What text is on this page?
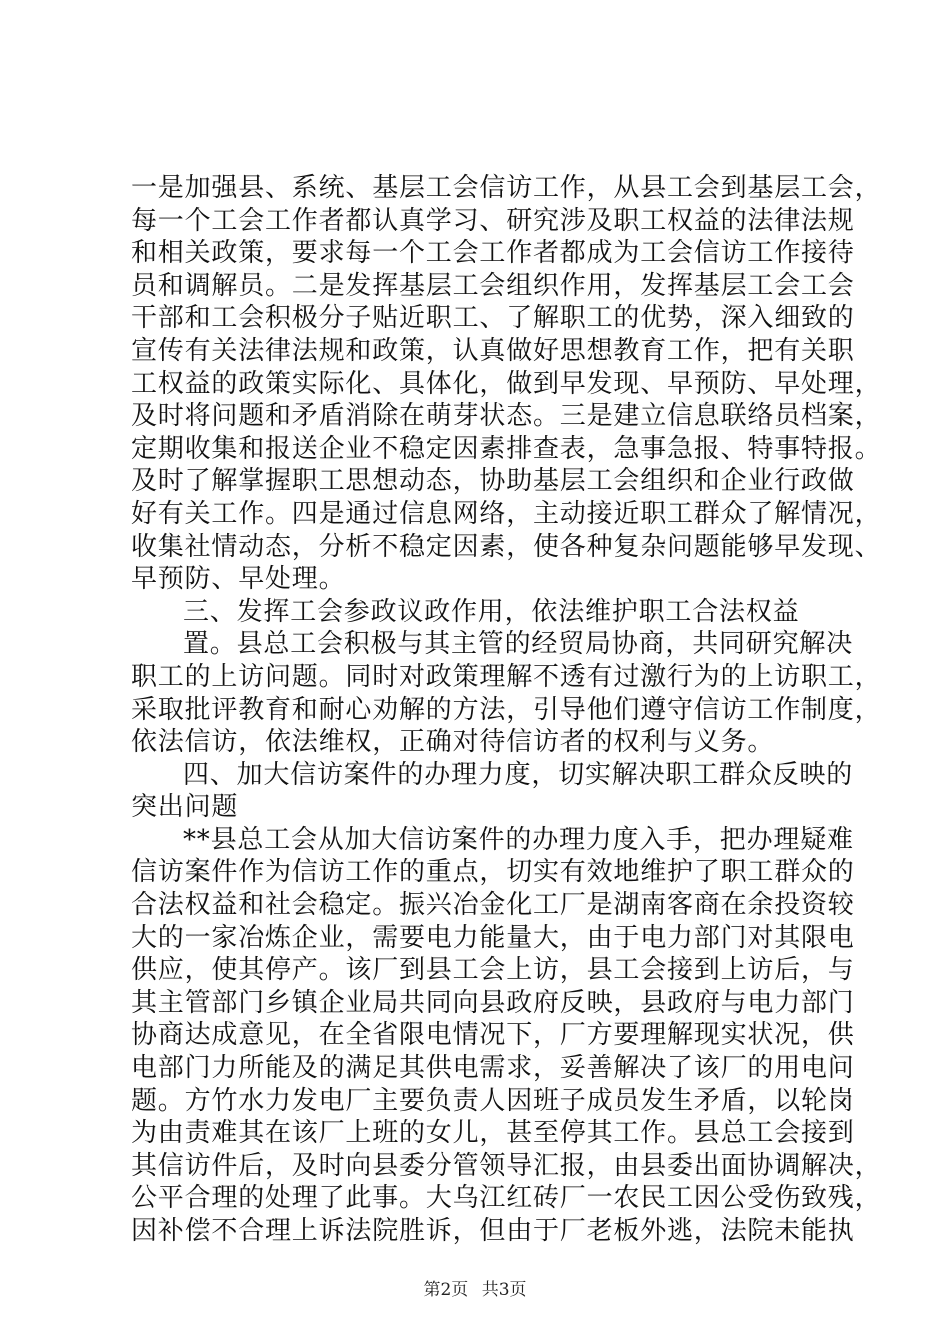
一是加强县、系统、基层工会信访工作，从县工会到基层工会，
每一个工会工作者都认真学习、研究涉及职工权益的法律法规
和相关政策，要求每一个工会工作者都成为工会信访工作接待
员和调解员。二是发挥基层工会组织作用，发挥基层工会工会
干部和工会积极分子贴近职工、了解职工的优势，深入细致的
宣传有关法律法规和政策，认真做好思想教育工作，把有关职
工权益的政策实际化、具体化，做到早发现、早预防、早处理，
及时将问题和矛盾消除在萌芽状态。三是建立信息联络员档案，
定期收集和报送企业不稳定因素排查表，急事急报、特事特报。
及时了解掌握职工思想动态，协助基层工会组织和企业行政做
好有关工作。四是通过信息网络，主动接近职工群众了解情况，
收集社情动态，分析不稳定因素，使各种复杂问题能够早发现、
早预防、早处理。
三、发挥工会参政议政作用，依法维护职工合法权益
置。县总工会积极与其主管的经贸局协商，共同研究解决
职工的上访问题。同时对政策理解不透有过激行为的上访职工，
采取批评教育和耐心劝解的方法，引导他们遵守信访工作制度，
依法信访，依法维权，正确对待信访者的权利与义务。
四、加大信访案件的办理力度，切实解决职工群众反映的
突出问题
**县总工会从加大信访案件的办理力度入手，把办理疑难
信访案件作为信访工作的重点，切实有效地维护了职工群众的
合法权益和社会稳定。振兴冶金化工厂是湖南客商在余投资较
大的一家冶炼企业，需要电力能量大，由于电力部门对其限电
供应，使其停产。该厂到县工会上访，县工会接到上访后，与
其主管部门乡镇企业局共同向县政府反映，县政府与电力部门
协商达成意见，在全省限电情况下，厂方要理解现实状况，供
电部门力所能及的满足其供电需求，妥善解决了该厂的用电问
题。方竹水力发电厂主要负责人因班子成员发生矛盾，以轮岗
为由责难其在该厂上班的女儿，甚至停其工作。县总工会接到
其信访件后，及时向县委分管领导汇报，由县委出面协调解决，
公平合理的处理了此事。大乌江红砖厂一农民工因公受伤致残，
因补偿不合理上诉法院胜诉，但由于厂老板外逃，法院未能执
第2页 共3页
